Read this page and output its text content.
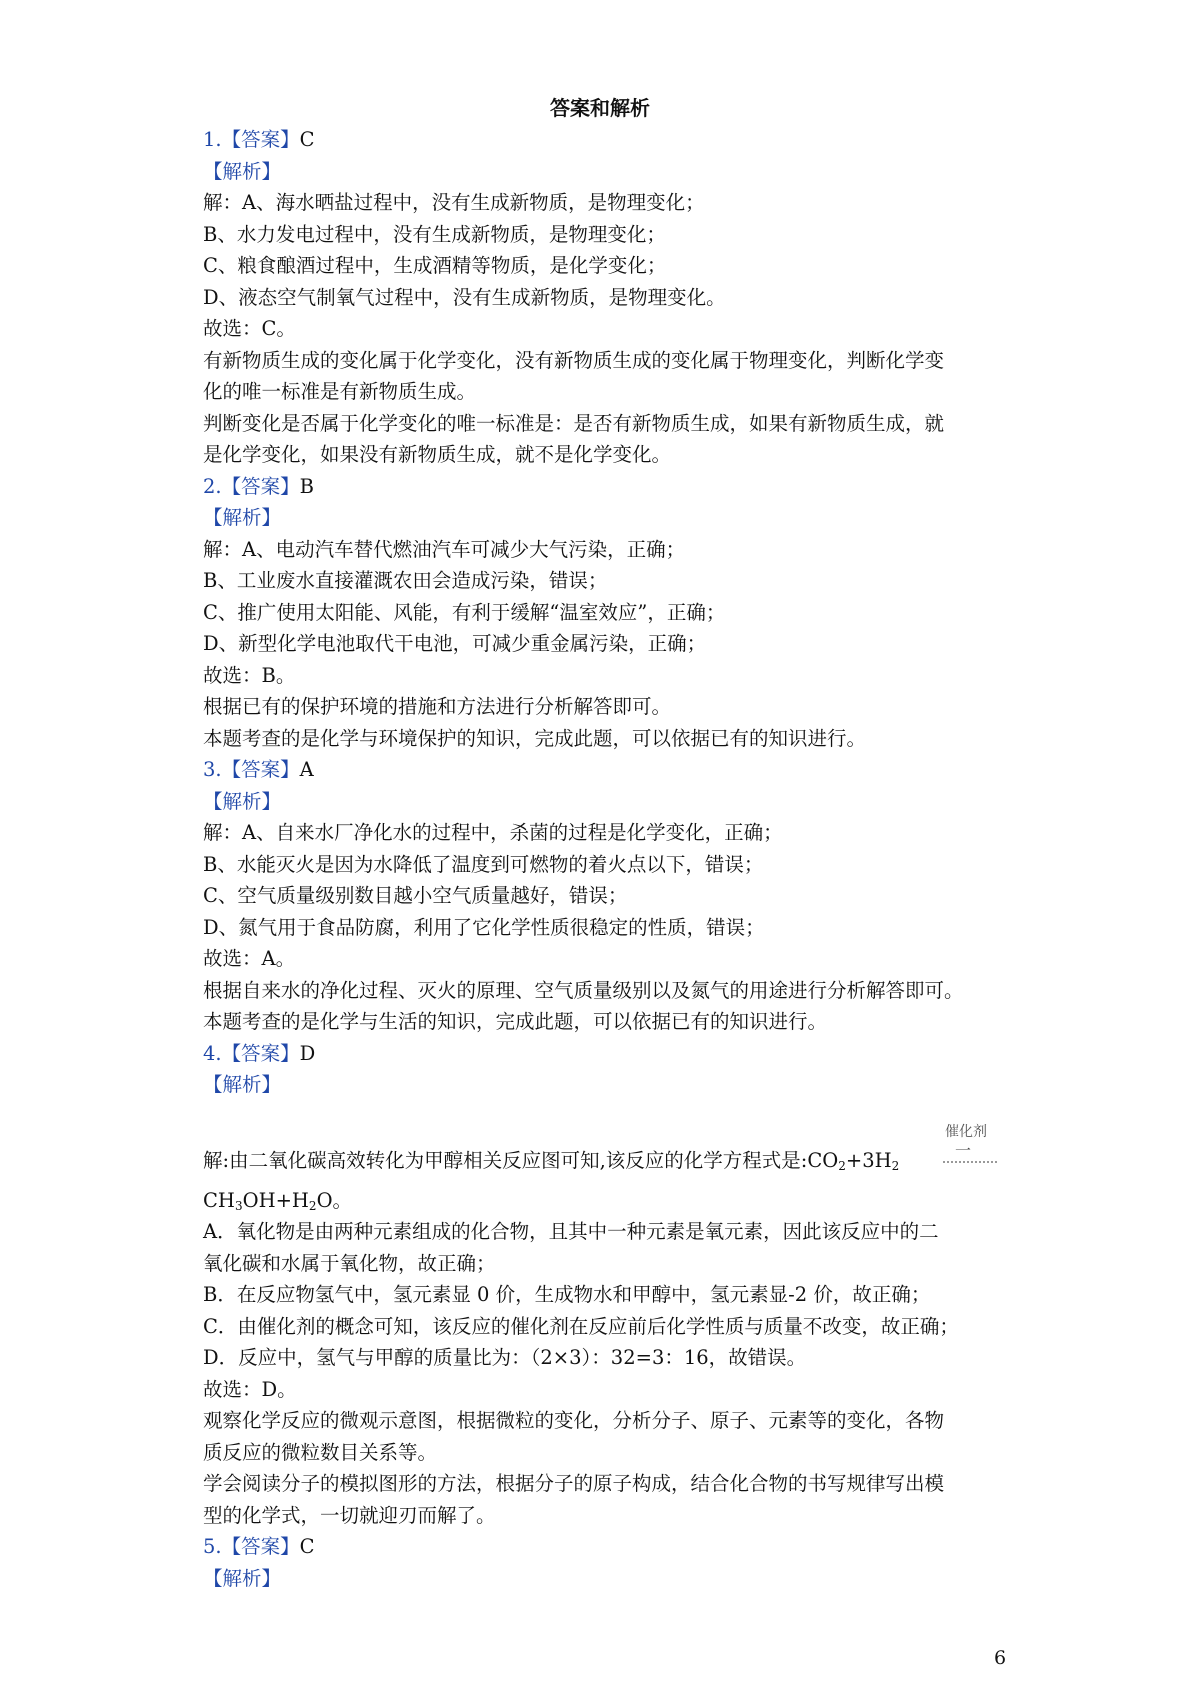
答案和解析
1.【答案】C
【解析】
解：A、海水晒盐过程中，没有生成新物质，是物理变化；
B、水力发电过程中，没有生成新物质，是物理变化；
C、粮食酿酒过程中，生成酒精等物质，是化学变化；
D、液态空气制氧气过程中，没有生成新物质，是物理变化。
故选：C。
有新物质生成的变化属于化学变化，没有新物质生成的变化属于物理变化，判断化学变
化的唯一标准是有新物质生成。
判断变化是否属于化学变化的唯一标准是：是否有新物质生成，如果有新物质生成，就
是化学变化，如果没有新物质生成，就不是化学变化。
2.【答案】B
【解析】
解：A、电动汽车替代燃油汽车可减少大气污染，正确；
B、工业废水直接灌溉农田会造成污染，错误；
C、推广使用太阳能、风能，有利于缓解“温室效应”，正确；
D、新型化学电池取代干电池，可减少重金属污染，正确；
故选：B。
根据已有的保护环境的措施和方法进行分析解答即可。
本题考查的是化学与环境保护的知识，完成此题，可以依据已有的知识进行。
3.【答案】A
【解析】
解：A、自来水厂净化水的过程中，杀菌的过程是化学变化，正确；
B、水能灭火是因为水降低了温度到可燃物的着火点以下，错误；
C、空气质量级别数目越小空气质量越好，错误；
D、氮气用于食品防腐，利用了它化学性质很稳定的性质，错误；
故选：A。
根据自来水的净化过程、灭火的原理、空气质量级别以及氮气的用途进行分析解答即可。
本题考查的是化学与生活的知识，完成此题，可以依据已有的知识进行。
4.【答案】D
【解析】
催化剂
一
解:由二氧化碳高效转化为甲醇相关反应图可知,该反应的化学方程式是$:CO_2+3H_2$
$CH_3OH+H_2O$。
A．氧化物是由两种元素组成的化合物，且其中一种元素是氧元素，因此该反应中的二
氧化碳和水属于氧化物，故正确；
B．在反应物氢气中，氢元素显 0 价，生成物水和甲醇中，氢元素显-2 价，故正确；
C．由催化剂的概念可知，该反应的催化剂在反应前后化学性质与质量不改变，故正确；
D．反应中，氢气与甲醇的质量比为：（2×3）：32=3：16，故错误。
故选：D。
观察化学反应的微观示意图，根据微粒的变化，分析分子、原子、元素等的变化，各物
质反应的微粒数目关系等。
学会阅读分子的模拟图形的方法，根据分子的原子构成，结合化合物的书写规律写出模
型的化学式，一切就迎刃而解了。
5.【答案】C
【解析】
6
